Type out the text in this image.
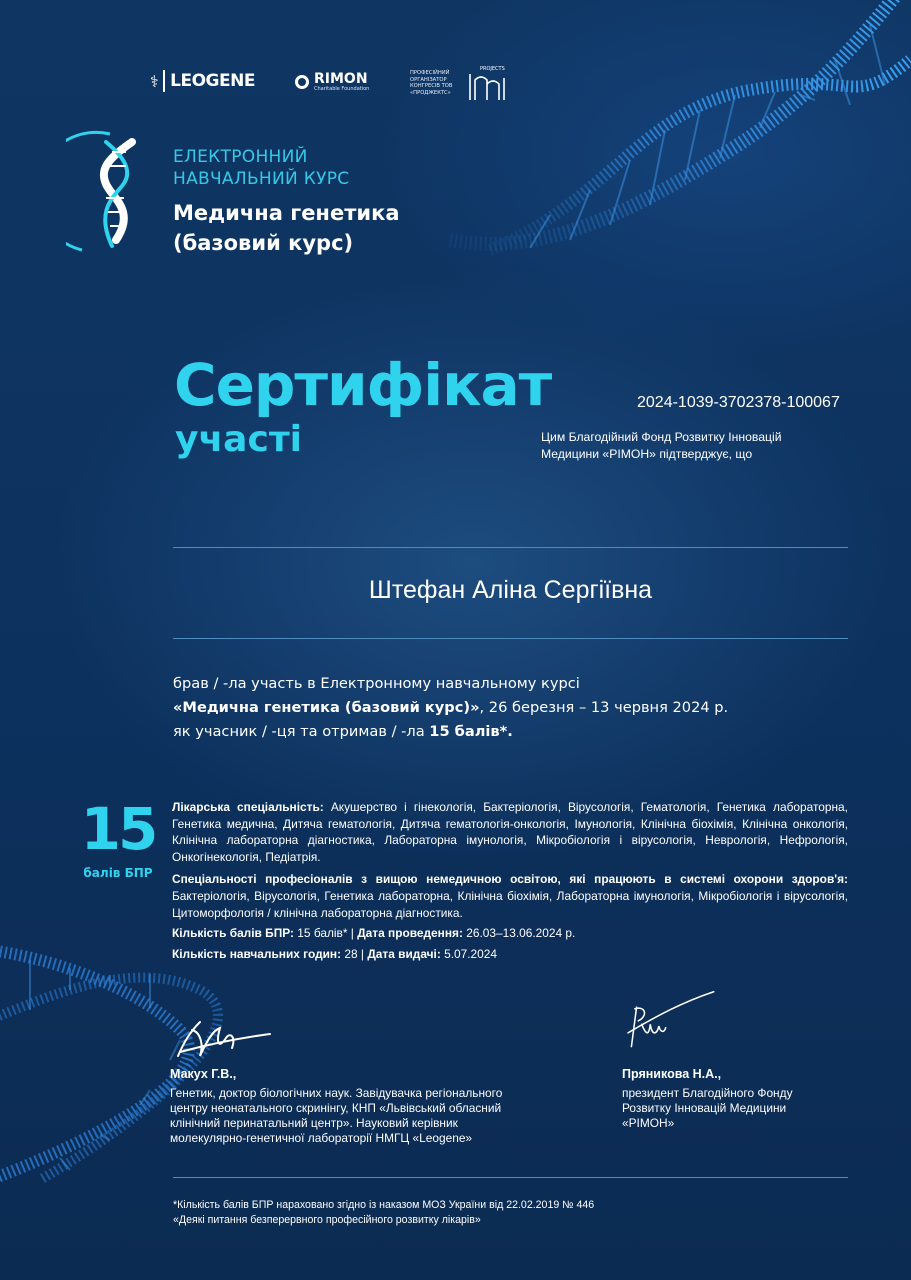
⚕ LEOGENE	RIMON
Charitable Foundation
ПРОФЕСІЙНИЙ ОРГАНІЗАТОР КОНГРЕСІВ ТОВ «ПРОДЖЕКТС»
PROJECTS
ЕЛЕКТРОННИЙ
НАВЧАЛЬНИЙ КУРС
Медична генетика
(базовий курс)
Сертифікат
участі
2024-1039-3702378-100067
Цим Благодійний Фонд Розвитку Інновацій
Медицини «РІМОН» підтверджує, що
Штефан Аліна Сергіївна
брав / -ла участь в Електронному навчальному курсі
«Медична генетика (базовий курс)», 26 березня – 13 червня 2024 р.
як учасник / -ця та отримав / -ла 15 балів*.
15
балів БПР

Лікарська спеціальність: Акушерство і гінекологія, Бактеріологія, Вірусологія, Гематологія, Генетика лабораторна, Генетика медична, Дитяча гематологія, Дитяча гематологія-онкологія, Імунологія, Клінічна біохімія, Клінічна онкологія, Клінічна лабораторна діагностика, Лабораторна імунологія, Мікробіологія і вірусологія, Неврологія, Нефрологія, Онкогінекологія, Педіатрія.

Спеціальності професіоналів з вищою немедичною освітою, які працюють в системі охорони здоров'я: Бактеріологія, Вірусологія, Генетика лабораторна, Клінічна біохімія, Лабораторна імунологія, Мікробіологія і вірусологія, Цитоморфологія / клінічна лабораторна діагностика.

Кількість балів БПР: 15 балів* | Дата проведення: 26.03–13.06.2024 р.

Кількість навчальних годин: 28 | Дата видачі: 5.07.2024

Макух Г.В.,
Генетик, доктор біологічних наук. Завідувачка регіонального
центру неонатального скринінгу, КНП «Львівський обласний
клінічний перинатальний центр». Науковий керівник
молекулярно-генетичної лабораторії НМГЦ «Leogene»
Пряникова Н.А.,
президент Благодійного Фонду
Розвитку Інновацій Медицини
«РІМОН»
*Кількість балів БПР нараховано згідно із наказом МОЗ України від 22.02.2019 № 446
«Деякі питання безперервного професійного розвитку лікарів»
